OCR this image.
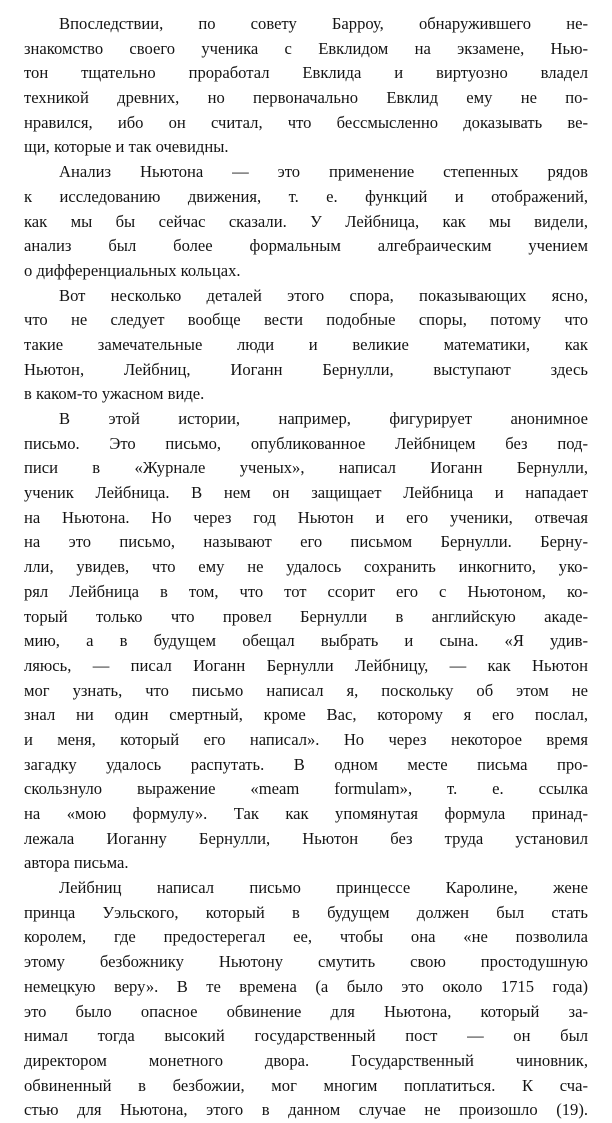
Впоследствии, по совету Барроу, обнаружившего не-
знакомство своего ученика с Евклидом на экзамене, Нью-
тон тщательно проработал Евклида и виртуозно владел
техникой древних, но первоначально Евклид ему не по-
нравился, ибо он считал, что бессмысленно доказывать ве-
щи, которые и так очевидны.
Анализ Ньютона — это применение степенных рядов
к исследованию движения, т. е. функций и отображений,
как мы бы сейчас сказали. У Лейбница, как мы видели,
анализ был более формальным алгебраическим учением
о дифференциальных кольцах.
Вот несколько деталей этого спора, показывающих ясно,
что не следует вообще вести подобные споры, потому что
такие замечательные люди и великие математики, как
Ньютон, Лейбниц, Иоганн Бернулли, выступают здесь
в каком-то ужасном виде.
В этой истории, например, фигурирует анонимное
письмо. Это письмо, опубликованное Лейбницем без под-
писи в «Журнале ученых», написал Иоганн Бернулли,
ученик Лейбница. В нем он защищает Лейбница и нападает
на Ньютона. Но через год Ньютон и его ученики, отвечая
на это письмо, называют его письмом Бернулли. Берну-
лли, увидев, что ему не удалось сохранить инкогнито, уко-
рял Лейбница в том, что тот ссорит его с Ньютоном, ко-
торый только что провел Бернулли в английскую акаде-
мию, а в будущем обещал выбрать и сына. «Я удив-
ляюсь, — писал Иоганн Бернулли Лейбницу, — как Ньютон
мог узнать, что письмо написал я, поскольку об этом не
знал ни один смертный, кроме Вас, которому я его послал,
и меня, который его написал». Но через некоторое время
загадку удалось распутать. В одном месте письма про-
скользнуло выражение «meam formulam», т. е. ссылка
на «мою формулу». Так как упомянутая формула принад-
лежала Иоганну Бернулли, Ньютон без труда установил
автора письма.
Лейбниц написал письмо принцессе Каролине, жене
принца Уэльского, который в будущем должен был стать
королем, где предостерегал ее, чтобы она «не позволила
этому безбожнику Ньютону смутить свою простодушную
немецкую веру». В те времена (а было это около 1715 года)
это было опасное обвинение для Ньютона, который за-
нимал тогда высокий государственный пост — он был
директором монетного двора. Государственный чиновник,
обвиненный в безбожии, мог многим поплатиться. К сча-
стью для Ньютона, этого в данном случае не произошло (19).
